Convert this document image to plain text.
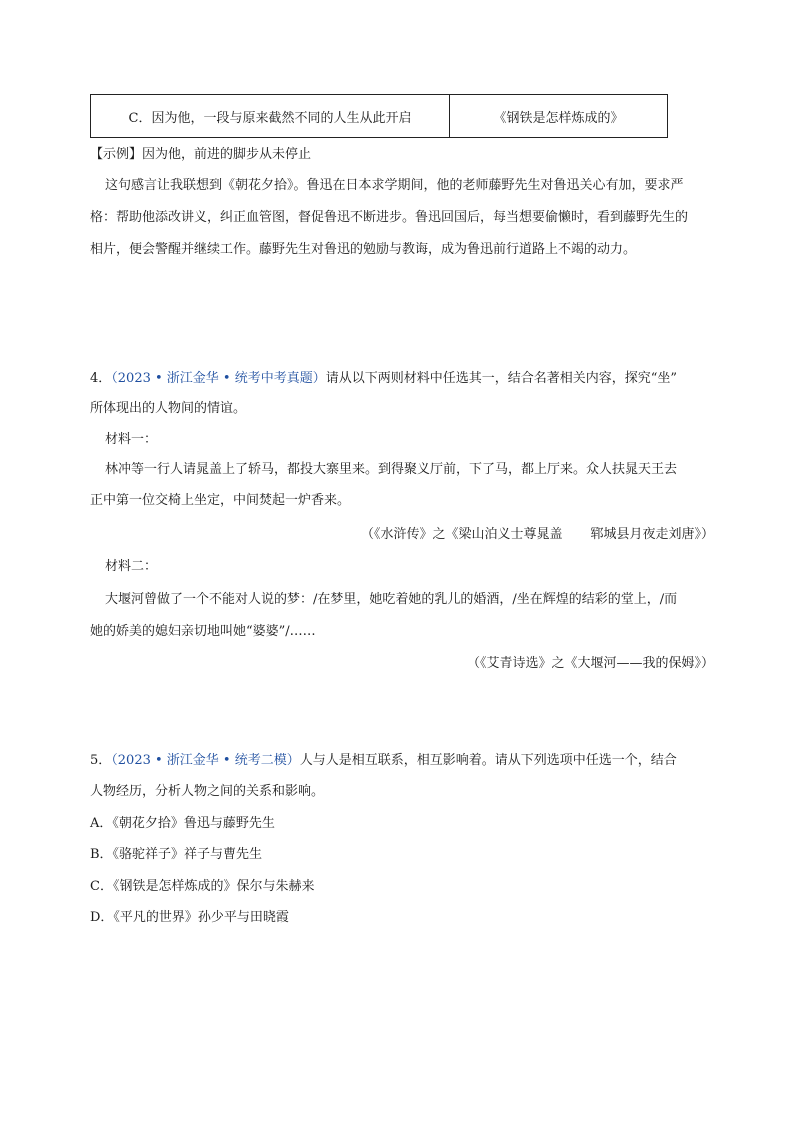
C．因为他，一段与原来截然不同的人生从此开启	《钢铁是怎样炼成的》
【示例】因为他，前进的脚步从未停止
这句感言让我联想到《朝花夕拾》。鲁迅在日本求学期间，他的老师藤野先生对鲁迅关心有加，要求严
格：帮助他添改讲义，纠正血管图，督促鲁迅不断进步。鲁迅回国后，每当想要偷懒时，看到藤野先生的
相片，便会警醒并继续工作。藤野先生对鲁迅的勉励与教诲，成为鲁迅前行道路上不竭的动力。
4．（2023 • 浙江金华 • 统考中考真题）请从以下两则材料中任选其一，结合名著相关内容，探究“坐”
所体现出的人物间的情谊。
材料一：
林冲等一行人请晁盖上了轿马，都投大寨里来。到得聚义厅前，下了马，都上厅来。众人扶晁天王去
正中第一位交椅上坐定，中间焚起一炉香来。
（《水浒传》之《梁山泊义士尊晁盖 郓城县月夜走刘唐》）
材料二：
大堰河曾做了一个不能对人说的梦：/在梦里，她吃着她的乳儿的婚酒，/坐在辉煌的结彩的堂上，/而
她的娇美的媳妇亲切地叫她“婆婆”/……
（《艾青诗选》之《大堰河——我的保姆》）
5．（2023 • 浙江金华 • 统考二模）人与人是相互联系，相互影响着。请从下列选项中任选一个，结合
人物经历，分析人物之间的关系和影响。
A．《朝花夕拾》鲁迅与藤野先生
B．《骆驼祥子》祥子与曹先生
C．《钢铁是怎样炼成的》保尔与朱赫来
D．《平凡的世界》孙少平与田晓霞
